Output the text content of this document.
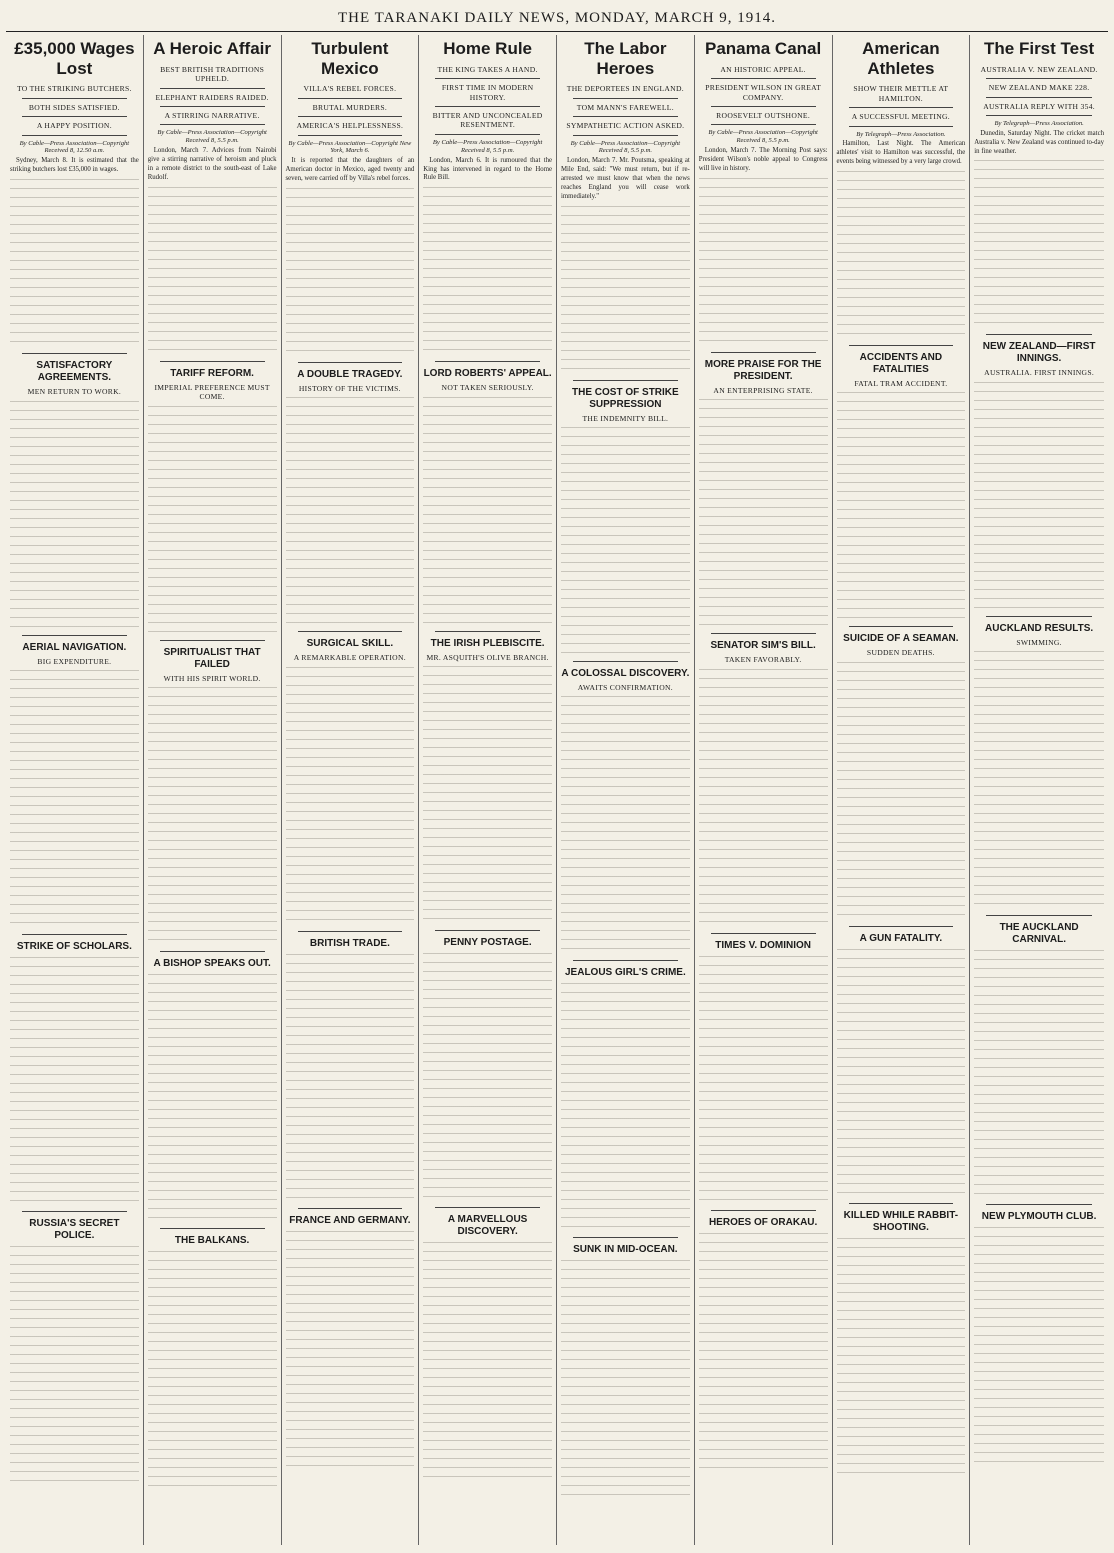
THE TARANAKI DAILY NEWS, MONDAY, MARCH 9, 1914.
£35,000 Wages Lost
TO THE STRIKING BUTCHERS.
BOTH SIDES SATISFIED.
A HAPPY POSITION.
By Cable—Press Association—Copyright Received 8, 12.50 a.m.
Sydney, March 8. It is estimated that the striking butchers lost £35,000 in wages.
SATISFACTORY AGREEMENTS.
MEN RETURN TO WORK.
AERIAL NAVIGATION.
BIG EXPENDITURE.
STRIKE OF SCHOLARS.
RUSSIA'S SECRET POLICE.
A Heroic Affair
BEST BRITISH TRADITIONS UPHELD.
ELEPHANT RAIDERS RAIDED.
A STIRRING NARRATIVE.
By Cable—Press Association—Copyright Received 8, 5.5 p.m.
London, March 7. Advices from Nairobi give a stirring narrative of heroism and pluck in a remote district to the south-east of Lake Rudolf.
TARIFF REFORM.
IMPERIAL PREFERENCE MUST COME.
SPIRITUALIST THAT FAILED
WITH HIS SPIRIT WORLD.
A BISHOP SPEAKS OUT.
THE BALKANS.
Turbulent Mexico
VILLA'S REBEL FORCES.
BRUTAL MURDERS.
AMERICA'S HELPLESSNESS.
By Cable—Press Association—Copyright New York, March 6.
It is reported that the daughters of an American doctor in Mexico, aged twenty and seven, were carried off by Villa's rebel forces.
A DOUBLE TRAGEDY.
HISTORY OF THE VICTIMS.
SURGICAL SKILL.
A REMARKABLE OPERATION.
BRITISH TRADE.
FRANCE AND GERMANY.
Home Rule
THE KING TAKES A HAND.
FIRST TIME IN MODERN HISTORY.
BITTER AND UNCONCEALED RESENTMENT.
By Cable—Press Association—Copyright Received 8, 5.5 p.m.
London, March 6. It is rumoured that the King has intervened in regard to the Home Rule Bill.
LORD ROBERTS' APPEAL.
NOT TAKEN SERIOUSLY.
THE IRISH PLEBISCITE.
MR. ASQUITH'S OLIVE BRANCH.
PENNY POSTAGE.
A MARVELLOUS DISCOVERY.
The Labor Heroes
THE DEPORTEES IN ENGLAND.
TOM MANN'S FAREWELL.
SYMPATHETIC ACTION ASKED.
By Cable—Press Association—Copyright Received 8, 5.5 p.m.
London, March 7. Mr. Poutsma, speaking at Mile End, said: "We must return, but if re-arrested we must know that when the news reaches England you will cease work immediately."
THE COST OF STRIKE SUPPRESSION
THE INDEMNITY BILL.
A COLOSSAL DISCOVERY.
AWAITS CONFIRMATION.
JEALOUS GIRL'S CRIME.
SUNK IN MID-OCEAN.
Panama Canal
AN HISTORIC APPEAL.
PRESIDENT WILSON IN GREAT COMPANY.
ROOSEVELT OUTSHONE.
By Cable—Press Association—Copyright Received 8, 5.5 p.m.
London, March 7. The Morning Post says: President Wilson's noble appeal to Congress will live in history.
MORE PRAISE FOR THE PRESIDENT.
AN ENTERPRISING STATE.
SENATOR SIM'S BILL.
TAKEN FAVORABLY.
TIMES V. DOMINION
HEROES OF ORAKAU.
American Athletes
SHOW THEIR METTLE AT HAMILTON.
A SUCCESSFUL MEETING.
By Telegraph—Press Association.
Hamilton, Last Night. The American athletes' visit to Hamilton was successful, the events being witnessed by a very large crowd.
ACCIDENTS AND FATALITIES
FATAL TRAM ACCIDENT.
SUICIDE OF A SEAMAN.
SUDDEN DEATHS.
A GUN FATALITY.
KILLED WHILE RABBIT-SHOOTING.
The First Test
AUSTRALIA V. NEW ZEALAND.
NEW ZEALAND MAKE 228.
AUSTRALIA REPLY WITH 354.
By Telegraph—Press Association.
Dunedin, Saturday Night. The cricket match Australia v. New Zealand was continued to-day in fine weather.
NEW ZEALAND—FIRST INNINGS.
AUSTRALIA. FIRST INNINGS.
AUCKLAND RESULTS.
SWIMMING.
THE AUCKLAND CARNIVAL.
NEW PLYMOUTH CLUB.
